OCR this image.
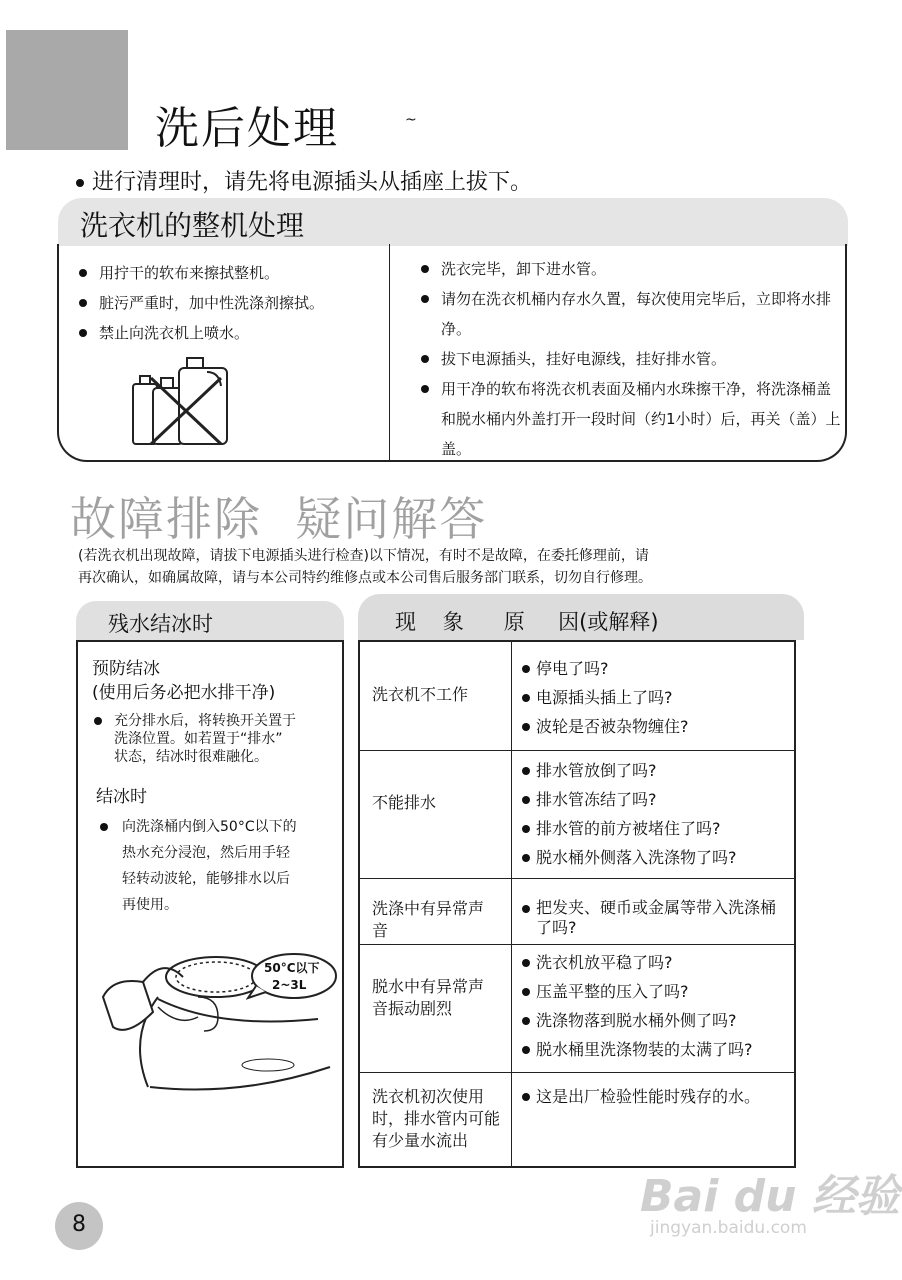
洗后处理	~
进行清理时，请先将电源插头从插座上拔下。
洗衣机的整机处理
用拧干的软布来擦拭整机。
脏污严重时，加中性洗涤剂擦拭。
禁止向洗衣机上喷水。
洗衣完毕，卸下进水管。
请勿在洗衣机桶内存水久置，每次使用完毕后，立即将水排净。
拔下电源插头，挂好电源线，挂好排水管。
用干净的软布将洗衣机表面及桶内水珠擦干净，将洗涤桶盖和脱水桶内外盖打开一段时间（约1小时）后，再关（盖）上盖。
故障排除  疑问解答
(若洗衣机出现故障，请拔下电源插头进行检查)以下情况，有时不是故障，在委托修理前，请
再次确认，如确属故障，请与本公司特约维修点或本公司售后服务部门联系，切勿自行修理。
残水结冰时
预防结冰
(使用后务必把水排干净)
充分排水后，将转换开关置于
洗涤位置。如若置于“排水”
状态，结冰时很难融化。
结冰时
向洗涤桶内倒入50°C以下的
热水充分浸泡，然后用手轻
轻转动波轮，能够排水以后
再使用。
50°C以下
2~3L
现    象      原     因(或解释)
洗衣机不工作
停电了吗?
电源插头插上了吗?
波轮是否被杂物缠住?
不能排水
排水管放倒了吗?
排水管冻结了吗?
排水管的前方被堵住了吗?
脱水桶外侧落入洗涤物了吗?
洗涤中有异常声音
把发夹、硬币或金属等带入洗涤桶了吗?
脱水中有异常声音振动剧烈
洗衣机放平稳了吗?
压盖平整的压入了吗?
洗涤物落到脱水桶外侧了吗?
脱水桶里洗涤物装的太满了吗?
洗衣机初次使用时，排水管内可能有少量水流出
这是出厂检验性能时残存的水。
8
Bai du 经验
jingyan.baidu.com
